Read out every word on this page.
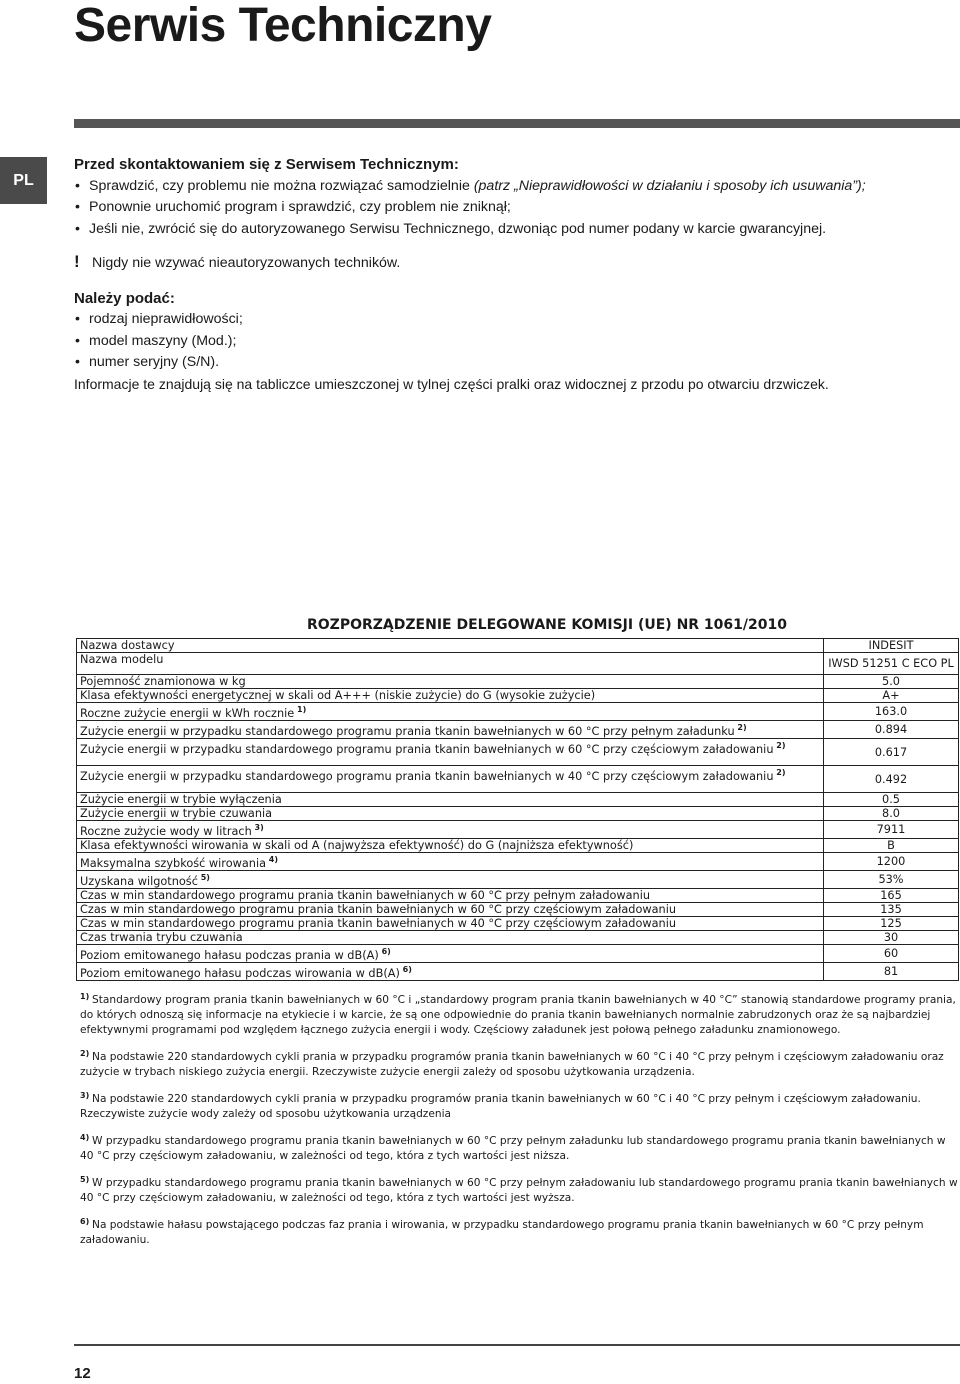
Serwis Techniczny
PL
Przed skontaktowaniem się z Serwisem Technicznym:
• Sprawdzić, czy problemu nie można rozwiązać samodzielnie (patrz „Nieprawidłowości w działaniu i sposoby ich usuwania”);
• Ponownie uruchomić program i sprawdzić, czy problem nie zniknął;
• Jeśli nie, zwrócić się do autoryzowanego Serwisu Technicznego, dzwoniąc pod numer podany w karcie gwarancyjnej.
! Nigdy nie wzywać nieautoryzowanych techników.
Należy podać:
• rodzaj nieprawidłowości;
• model maszyny (Mod.);
• numer seryjny (S/N).
Informacje te znajdują się na tabliczce umieszczonej w tylnej części pralki oraz widocznej z przodu po otwarciu drzwiczek.
ROZPORZĄDZENIE DELEGOWANE KOMISJI (UE) NR 1061/2010
Nazwa dostawcy	INDESIT
Nazwa modelu	IWSD 51251 C ECO PL
Pojemność znamionowa w kg	5.0
Klasa efektywności energetycznej w skali od A+++ (niskie zużycie) do G (wysokie zużycie)	A+
Roczne zużycie energii w kWh rocznie $^{1)}$	163.0
Zużycie energii w przypadku standardowego programu prania tkanin bawełnianych w 60 °C przy pełnym załadunku $^{2)}$	0.894
Zużycie energii w przypadku standardowego programu prania tkanin bawełnianych w 60 °C przy częściowym załadowaniu $^{2)}$	0.617
Zużycie energii w przypadku standardowego programu prania tkanin bawełnianych w 40 °C przy częściowym załadowaniu $^{2)}$	0.492
Zużycie energii w trybie wyłączenia	0.5
Zużycie energii w trybie czuwania	8.0
Roczne zużycie wody w litrach $^{3)}$	7911
Klasa efektywności wirowania w skali od A (najwyższa efektywność) do G (najniższa efektywność)	B
Maksymalna szybkość wirowania $^{4)}$	1200
Uzyskana wilgotność $^{5)}$	53%
Czas w min standardowego programu prania tkanin bawełnianych w 60 °C przy pełnym załadowaniu	165
Czas w min standardowego programu prania tkanin bawełnianych w 60 °C przy częściowym załadowaniu	135
Czas w min standardowego programu prania tkanin bawełnianych w 40 °C przy częściowym załadowaniu	125
Czas trwania trybu czuwania	30
Poziom emitowanego hałasu podczas prania w dB(A) $^{6)}$	60
Poziom emitowanego hałasu podczas wirowania w dB(A) $^{6)}$	81
$^{1)}$ Standardowy program prania tkanin bawełnianych w 60 °C i „standardowy program prania tkanin bawełnianych w 40 °C” stanowią standardowe programy prania, do których odnoszą się informacje na etykiecie i w karcie, że są one odpowiednie do prania tkanin bawełnianych normalnie zabrudzonych oraz że są najbardziej efektywnymi programami pod względem łącznego zużycia energii i wody. Częściowy załadunek jest połową pełnego załadunku znamionowego.
$^{2)}$ Na podstawie 220 standardowych cykli prania w przypadku programów prania tkanin bawełnianych w 60 °C i 40 °C przy pełnym i częściowym załadowaniu oraz zużycie w trybach niskiego zużycia energii. Rzeczywiste zużycie energii zależy od sposobu użytkowania urządzenia.
$^{3)}$ Na podstawie 220 standardowych cykli prania w przypadku programów prania tkanin bawełnianych w 60 °C i 40 °C przy pełnym i częściowym załadowaniu. Rzeczywiste zużycie wody zależy od sposobu użytkowania urządzenia
$^{4)}$ W przypadku standardowego programu prania tkanin bawełnianych w 60 °C przy pełnym załadunku lub standardowego programu prania tkanin bawełnianych w 40 °C przy częściowym załadowaniu, w zależności od tego, która z tych wartości jest niższa.
$^{5)}$ W przypadku standardowego programu prania tkanin bawełnianych w 60 °C przy pełnym załadowaniu lub standardowego programu prania tkanin bawełnianych w 40 °C przy częściowym załadowaniu, w zależności od tego, która z tych wartości jest wyższa.
$^{6)}$ Na podstawie hałasu powstającego podczas faz prania i wirowania, w przypadku standardowego programu prania tkanin bawełnianych w 60 °C przy pełnym załadowaniu.
12
